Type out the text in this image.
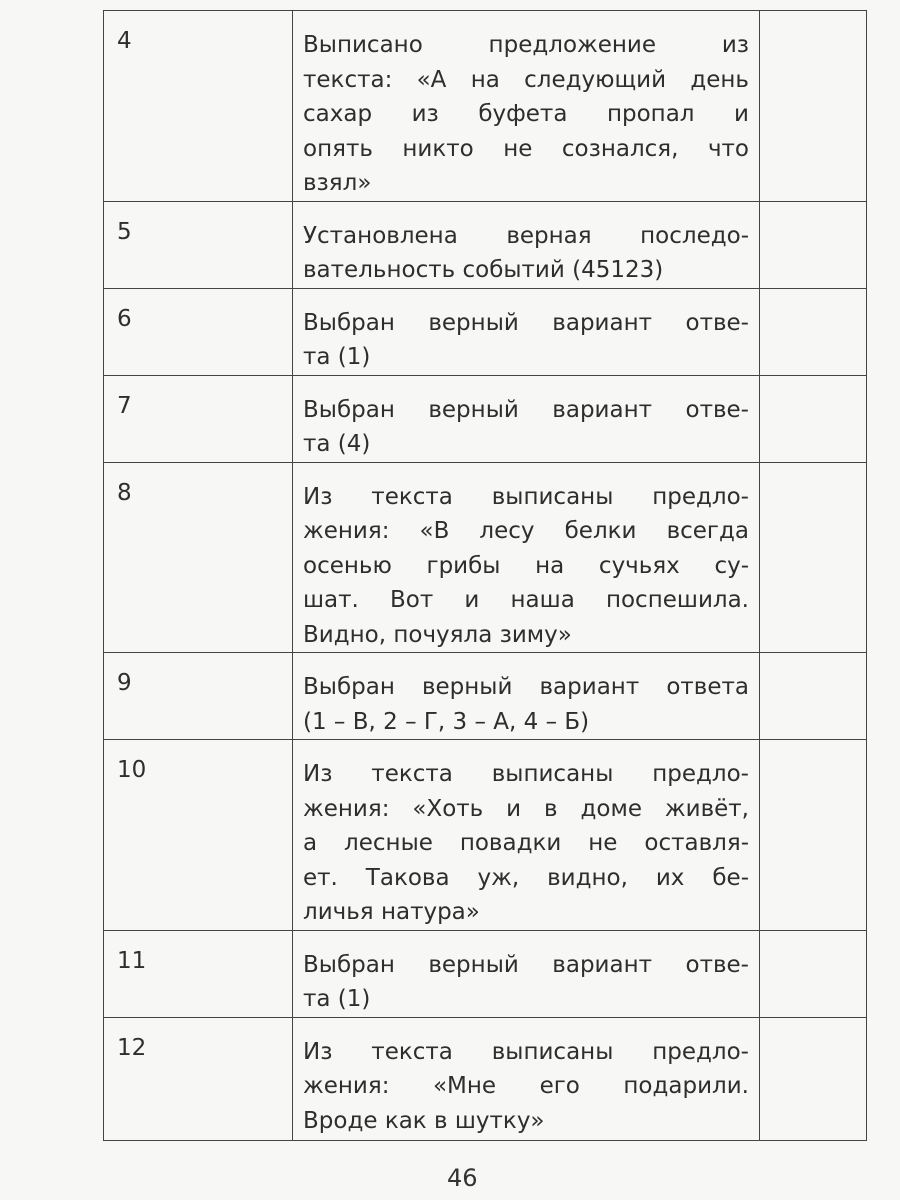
4	Выписано предложение из
текста: «А на следующий день
сахар из буфета пропал и
опять никто не сознался, что
взял»	

5	Установлена верная последо-
вательность событий (45123)	

6	Выбран верный вариант отве-
та (1)	

7	Выбран верный вариант отве-
та (4)	

8	Из текста выписаны предло-
жения: «В лесу белки всегда
осенью грибы на сучьях су-
шат. Вот и наша поспешила.
Видно, почуяла зиму»	

9	Выбран верный вариант ответа
(1 – В, 2 – Г, 3 – А, 4 – Б)	

10	Из текста выписаны предло-
жения: «Хоть и в доме живёт,
а лесные повадки не оставля-
ет. Такова уж, видно, их бе-
личья натура»	

11	Выбран верный вариант отве-
та (1)	

12	Из текста выписаны предло-
жения: «Мне его подарили.
Вроде как в шутку»	

46
